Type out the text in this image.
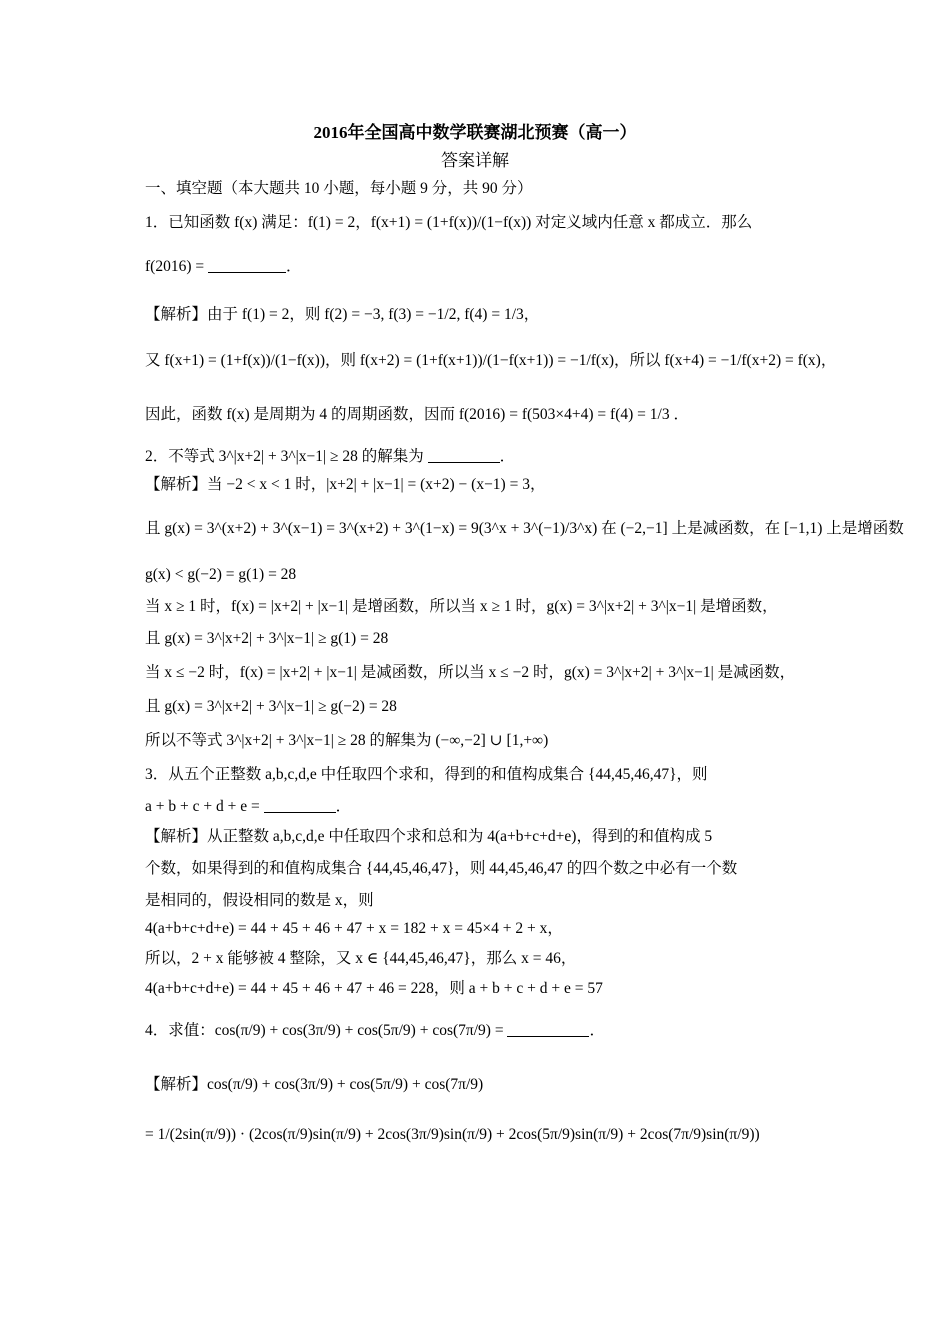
2016年全国高中数学联赛湖北预赛（高一）
答案详解
一、填空题（本大题共 10 小题，每小题 9 分，共 90 分）
1．已知函数 f(x) 满足：f(1) = 2，f(x+1) = (1+f(x))/(1−f(x)) 对定义域内任意 x 都成立．那么
f(2016) =	．
【解析】由于 f(1) = 2，则 f(2) = −3, f(3) = −1/2, f(4) = 1/3，
又 f(x+1) = (1+f(x))/(1−f(x))，则 f(x+2) = (1+f(x+1))/(1−f(x+1)) = −1/f(x)，所以 f(x+4) = −1/f(x+2) = f(x)，
因此，函数 f(x) 是周期为 4 的周期函数，因而 f(2016) = f(503×4+4) = f(4) = 1/3 ．
2．不等式 3^|x+2| + 3^|x−1| ≥ 28 的解集为	．
【解析】当 −2 < x < 1 时，|x+2| + |x−1| = (x+2) − (x−1) = 3，
且 g(x) = 3^(x+2) + 3^(x−1) = 3^(x+2) + 3^(1−x) = 9(3^x + 3^(−1)/3^x) 在 (−2,−1] 上是减函数，在 [−1,1) 上是增函数
g(x) < g(−2) = g(1) = 28
当 x ≥ 1 时，f(x) = |x+2| + |x−1| 是增函数，所以当 x ≥ 1 时，g(x) = 3^|x+2| + 3^|x−1| 是增函数，
且 g(x) = 3^|x+2| + 3^|x−1| ≥ g(1) = 28
当 x ≤ −2 时，f(x) = |x+2| + |x−1| 是减函数，所以当 x ≤ −2 时，g(x) = 3^|x+2| + 3^|x−1| 是减函数，
且 g(x) = 3^|x+2| + 3^|x−1| ≥ g(−2) = 28
所以不等式 3^|x+2| + 3^|x−1| ≥ 28 的解集为 (−∞,−2] ∪ [1,+∞)
3．从五个正整数 a,b,c,d,e 中任取四个求和，得到的和值构成集合 {44,45,46,47}，则
a + b + c + d + e =	．
【解析】从正整数 a,b,c,d,e 中任取四个求和总和为 4(a+b+c+d+e)，得到的和值构成 5
个数，如果得到的和值构成集合 {44,45,46,47}，则 44,45,46,47 的四个数之中必有一个数
是相同的，假设相同的数是 x，则
4(a+b+c+d+e) = 44 + 45 + 46 + 47 + x = 182 + x = 45×4 + 2 + x，
所以，2 + x 能够被 4 整除，又 x ∈ {44,45,46,47}，那么 x = 46，
4(a+b+c+d+e) = 44 + 45 + 46 + 47 + 46 = 228，则 a + b + c + d + e = 57
4．求值：cos(π/9) + cos(3π/9) + cos(5π/9) + cos(7π/9) =	．
【解析】cos(π/9) + cos(3π/9) + cos(5π/9) + cos(7π/9)
= 1/(2sin(π/9)) · (2cos(π/9)sin(π/9) + 2cos(3π/9)sin(π/9) + 2cos(5π/9)sin(π/9) + 2cos(7π/9)sin(π/9))
